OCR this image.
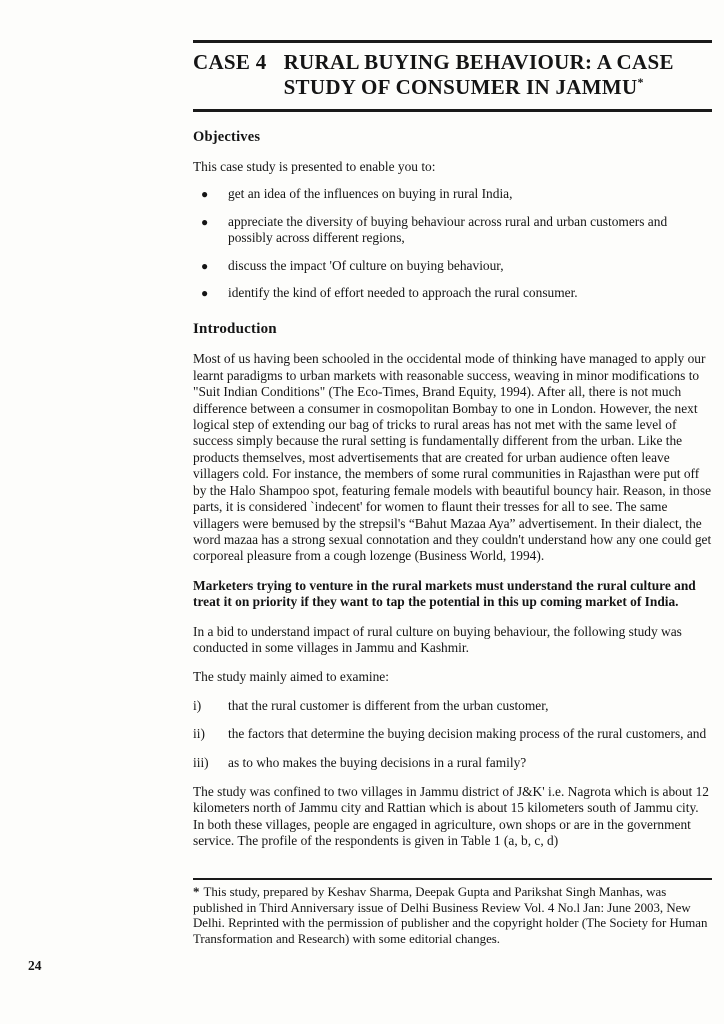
CASE 4 RURAL BUYING BEHAVIOUR: A CASE
STUDY OF CONSUMER IN JAMMU*
Objectives

This case study is presented to enable you to:

●	get an idea of the influences on buying in rural India,
●	appreciate the diversity of buying behaviour across rural and urban customers and possibly across different regions,
●	discuss the impact 'Of culture on buying behaviour,
●	identify the kind of effort needed to approach the rural consumer.
Introduction

Most of us having been schooled in the occidental mode of thinking have managed to apply our learnt paradigms to urban markets with reasonable success, weaving in minor modifications to "Suit Indian Conditions" (The Eco-Times, Brand Equity, 1994). After all, there is not much difference between a consumer in cosmopolitan Bombay to one in London. However, the next logical step of extending our bag of tricks to rural areas has not met with the same level of success simply because the rural setting is fundamentally different from the urban. Like the products themselves, most advertisements that are created for urban audience often leave villagers cold. For instance, the members of some rural communities in Rajasthan were put off by the Halo Shampoo spot, featuring female models with beautiful bouncy hair. Reason, in those parts, it is considered `indecent' for women to flaunt their tresses for all to see. The same villagers were bemused by the strepsil's “Bahut Mazaa Aya” advertisement. In their dialect, the word mazaa has a strong sexual connotation and they couldn't understand how any one could get corporeal pleasure from a cough lozenge (Business World, 1994).

Marketers trying to venture in the rural markets must understand the rural culture and treat it on priority if they want to tap the potential in this up coming market of India.

In a bid to understand impact of rural culture on buying behaviour, the following study was conducted in some villages in Jammu and Kashmir.

The study mainly aimed to examine:

i)	that the rural customer is different from the urban customer,
ii)	the factors that determine the buying decision making process of the rural customers, and
iii)	as to who makes the buying decisions in a rural family?

The study was confined to two villages in Jammu district of J&K' i.e. Nagrota which is about 12 kilometers north of Jammu city and Rattian which is about 15 kilometers south of Jammu city. In both these villages, people are engaged in agriculture, own shops or are in the government service. The profile of the respondents is given in Table 1 (a, b, c, d)

* This study, prepared by Keshav Sharma, Deepak Gupta and Parikshat Singh Manhas, was published in Third Anniversary issue of Delhi Business Review Vol. 4 No.l Jan: June 2003, New Delhi. Reprinted with the permission of publisher and the copyright holder (The Society for Human Transformation and Research) with some editorial changes.
24
